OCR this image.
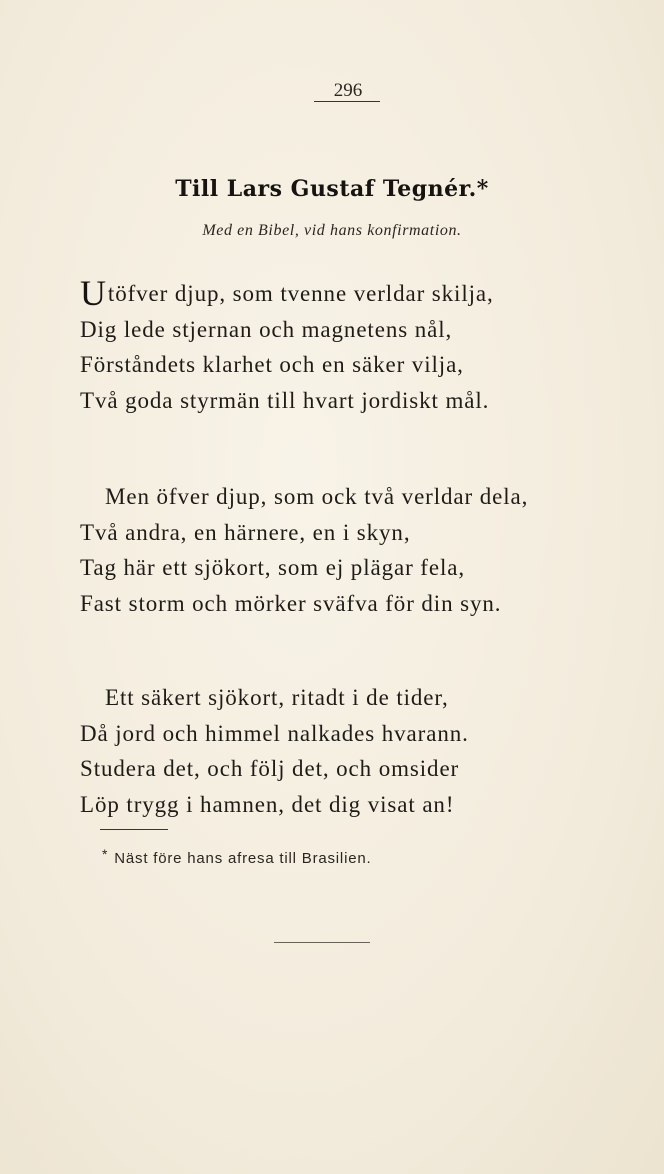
296
Till Lars Gustaf Tegnér.*
Med en Bibel, vid hans konfirmation.
Utöfver djup, som tvenne verldar skilja,
Dig lede stjernan och magnetens nål,
Förståndets klarhet och en säker vilja,
Två goda styrmän till hvart jordiskt mål.
Men öfver djup, som ock två verldar dela,
Två andra, en härnere, en i skyn,
Tag här ett sjökort, som ej plägar fela,
Fast storm och mörker sväfva för din syn.
Ett säkert sjökort, ritadt i de tider,
Då jord och himmel nalkades hvarann.
Studera det, och följ det, och omsider
Löp trygg i hamnen, det dig visat an!
* Näst före hans afresa till Brasilien.
